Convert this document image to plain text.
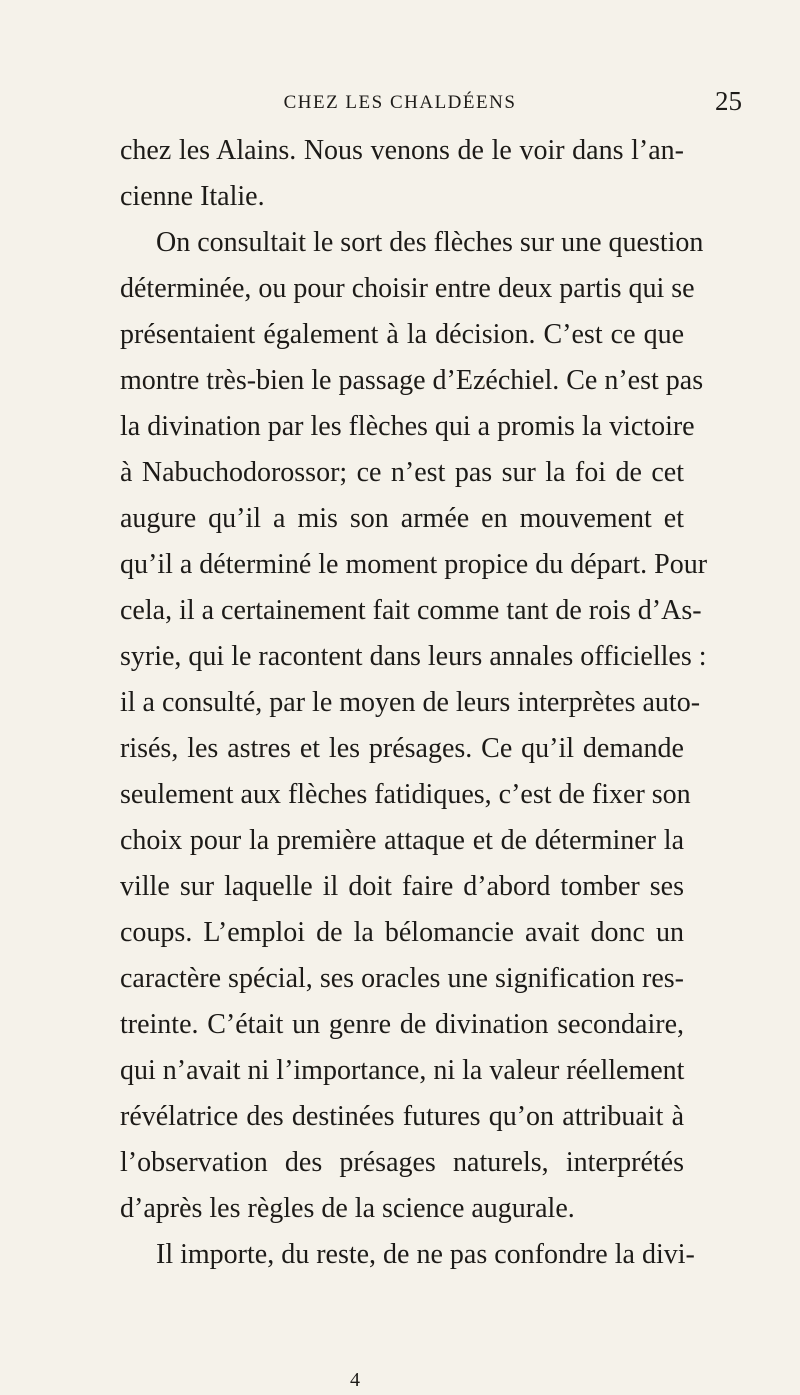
CHEZ LES CHALDÉENS	25
chez les Alains. Nous venons de le voir dans l’an-
cienne Italie.
On consultait le sort des flèches sur une question
déterminée, ou pour choisir entre deux partis qui se
présentaient également à la décision. C’est ce que
montre très-bien le passage d’Ezéchiel. Ce n’est pas
la divination par les flèches qui a promis la victoire
à Nabuchodorossor; ce n’est pas sur la foi de cet
augure qu’il a mis son armée en mouvement et
qu’il a déterminé le moment propice du départ. Pour
cela, il a certainement fait comme tant de rois d’As-
syrie, qui le racontent dans leurs annales officielles :
il a consulté, par le moyen de leurs interprètes auto-
risés, les astres et les présages. Ce qu’il demande
seulement aux flèches fatidiques, c’est de fixer son
choix pour la première attaque et de déterminer la
ville sur laquelle il doit faire d’abord tomber ses
coups. L’emploi de la bélomancie avait donc un
caractère spécial, ses oracles une signification res-
treinte. C’était un genre de divination secondaire,
qui n’avait ni l’importance, ni la valeur réellement
révélatrice des destinées futures qu’on attribuait à
l’observation des présages naturels, interprétés
d’après les règles de la science augurale.
Il importe, du reste, de ne pas confondre la divi-
4
